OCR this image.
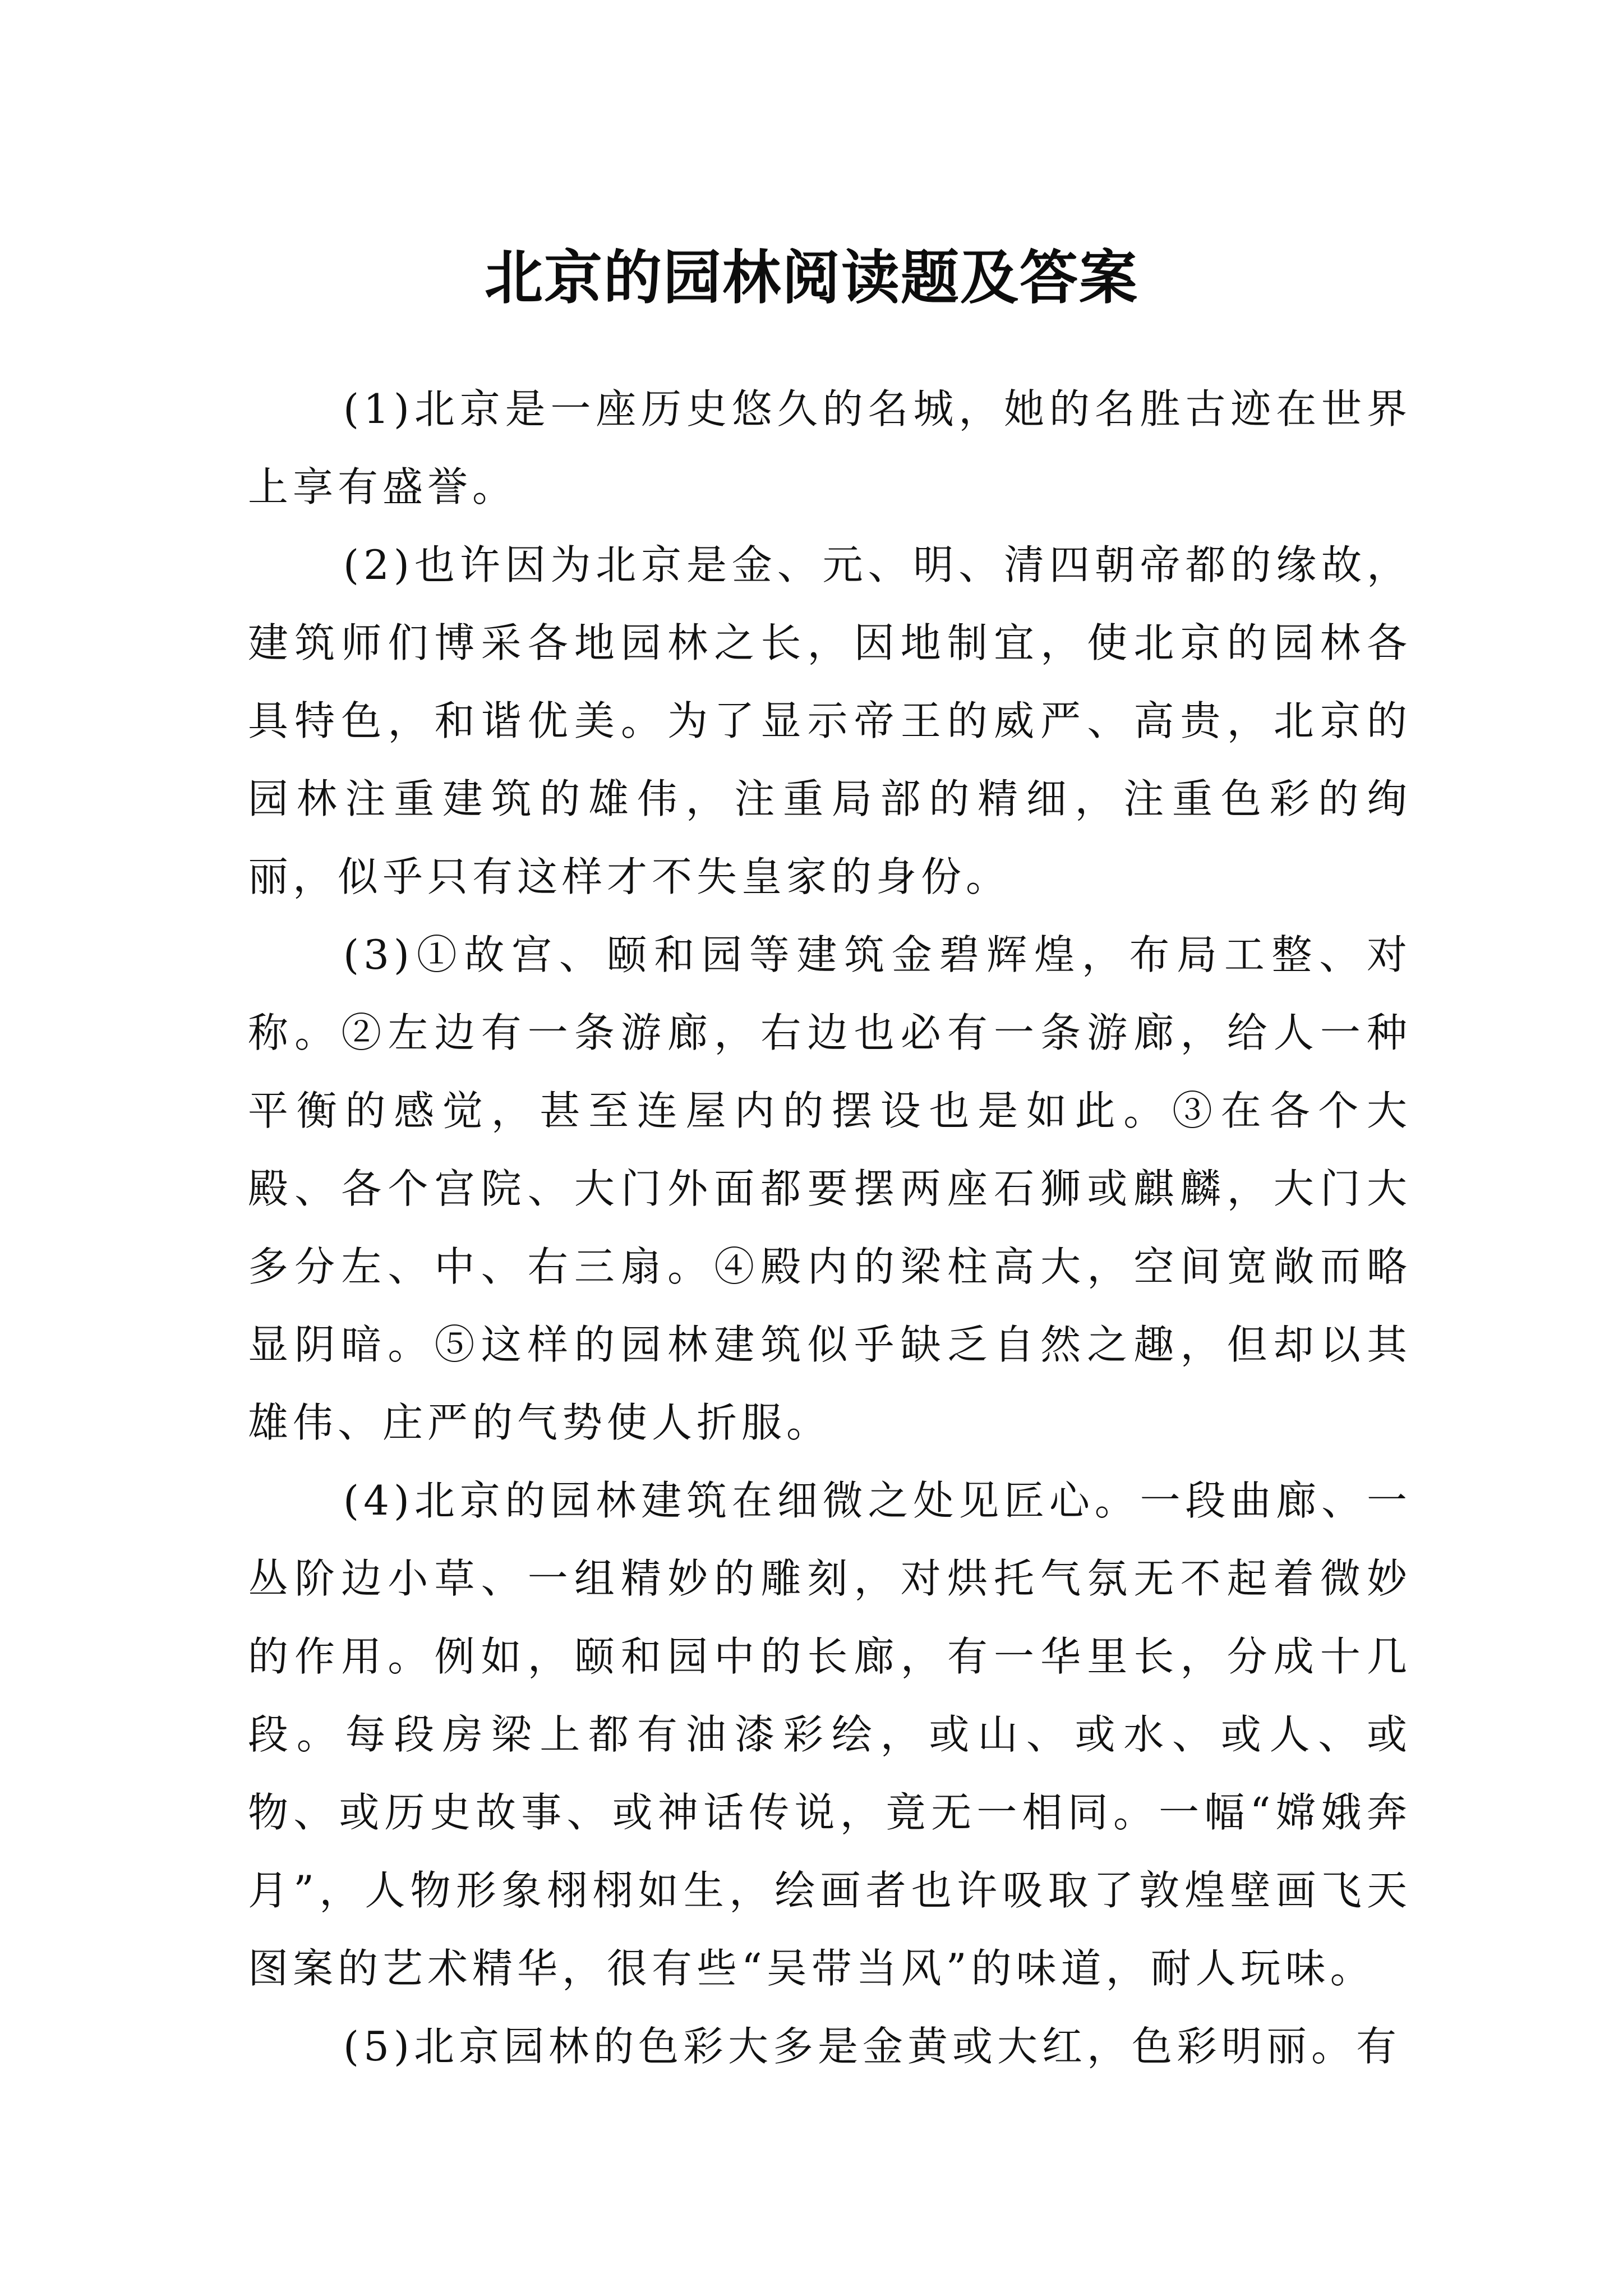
北京的园林阅读题及答案

(1)北京是一座历史悠久的名城，她的名胜古迹在世界上享有盛誉。

(2)也许因为北京是金、元、明、清四朝帝都的缘故，建筑师们博采各地园林之长，因地制宜，使北京的园林各具特色，和谐优美。为了显示帝王的威严、高贵，北京的园林注重建筑的雄伟，注重局部的精细，注重色彩的绚丽，似乎只有这样才不失皇家的身份。

(3)①故宫、颐和园等建筑金碧辉煌，布局工整、对称。②左边有一条游廊，右边也必有一条游廊，给人一种平衡的感觉，甚至连屋内的摆设也是如此。③在各个大殿、各个宫院、大门外面都要摆两座石狮或麒麟，大门大多分左、中、右三扇。④殿内的梁柱高大，空间宽敞而略显阴暗。⑤这样的园林建筑似乎缺乏自然之趣，但却以其雄伟、庄严的气势使人折服。

(4)北京的园林建筑在细微之处见匠心。一段曲廊、一丛阶边小草、一组精妙的雕刻，对烘托气氛无不起着微妙的作用。例如，颐和园中的长廊，有一华里长，分成十几段。每段房梁上都有油漆彩绘，或山、或水、或人、或物、或历史故事、或神话传说，竟无一相同。一幅“嫦娥奔月”，人物形象栩栩如生，绘画者也许吸取了敦煌壁画飞天图案的艺术精华，很有些“吴带当风”的味道，耐人玩味。

(5)北京园林的色彩大多是金黄或大红，色彩明丽。有
